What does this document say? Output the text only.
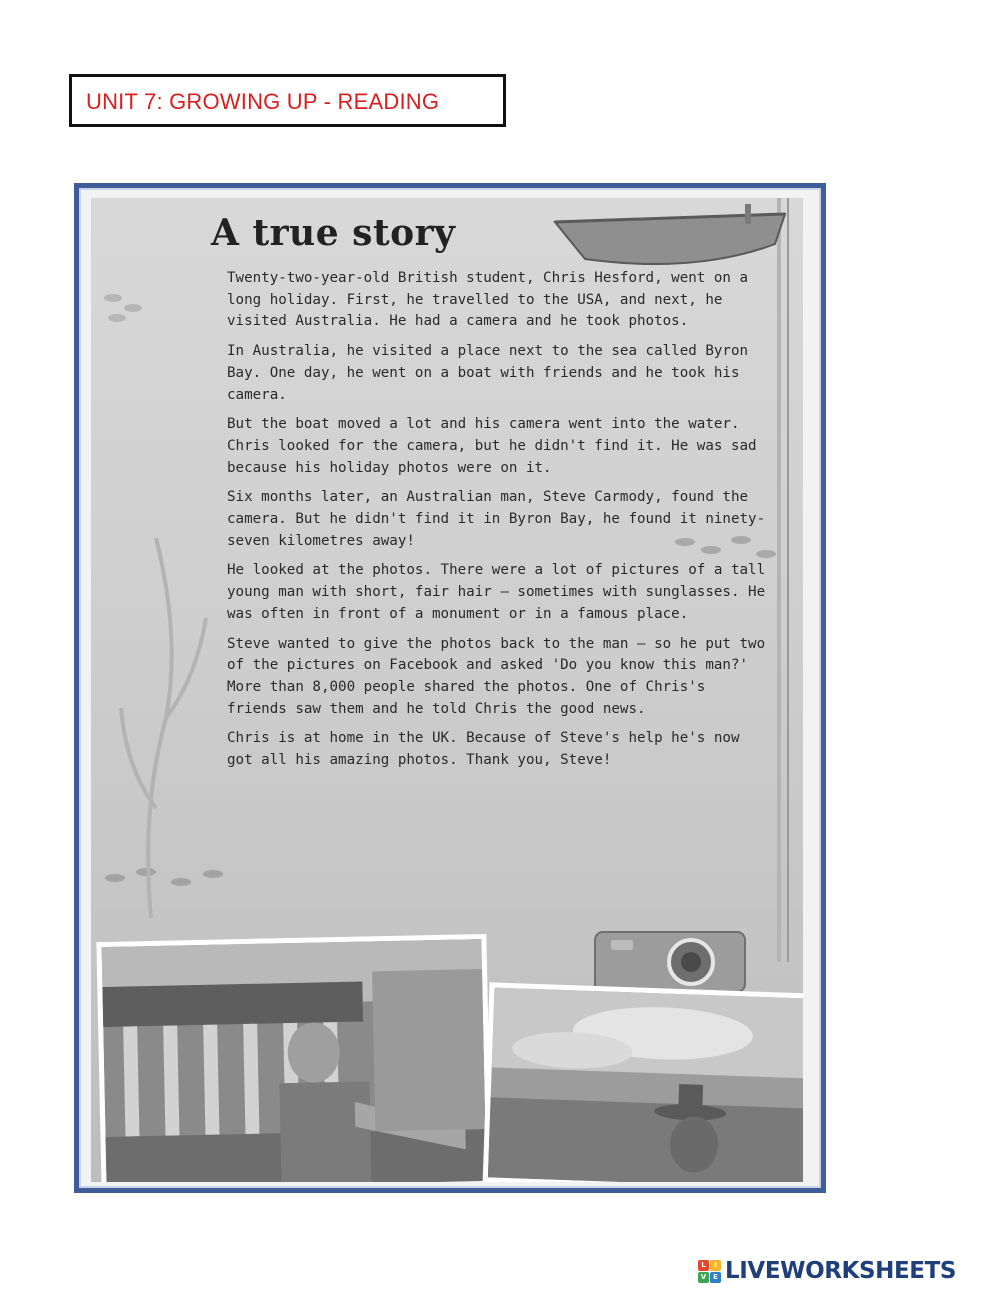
UNIT 7: GROWING UP - READING
A true story

Twenty-two-year-old British student, Chris Hesford, went on a long holiday. First, he travelled to the USA, and next, he visited Australia. He had a camera and he took photos.

In Australia, he visited a place next to the sea called Byron Bay. One day, he went on a boat with friends and he took his camera.

But the boat moved a lot and his camera went into the water. Chris looked for the camera, but he didn't find it. He was sad because his holiday photos were on it.

Six months later, an Australian man, Steve Carmody, found the camera. But he didn't find it in Byron Bay, he found it ninety-seven kilometres away!

He looked at the photos. There were a lot of pictures of a tall young man with short, fair hair – sometimes with sunglasses. He was often in front of a monument or in a famous place.

Steve wanted to give the photos back to the man – so he put two of the pictures on Facebook and asked 'Do you know this man?' More than 8,000 people shared the photos. One of Chris's friends saw them and he told Chris the good news.

Chris is at home in the UK. Because of Steve's help he's now got all his amazing photos. Thank you, Steve!

L	I
V E LIVEWORKSHEETS
